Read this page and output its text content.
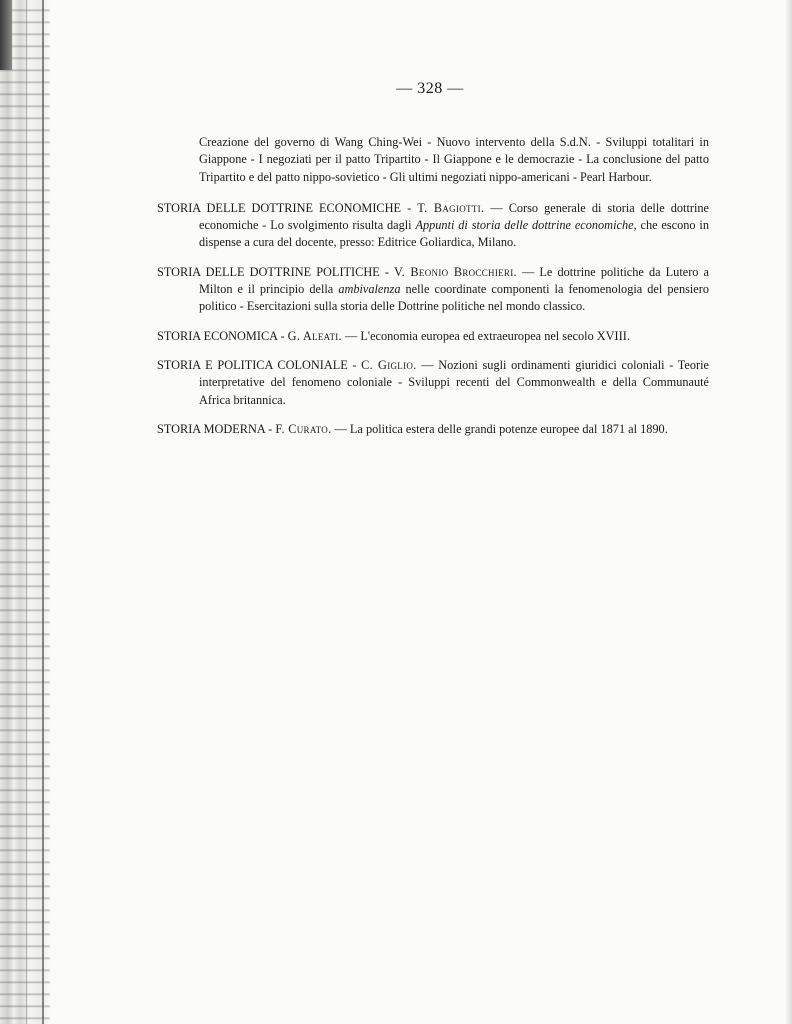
— 328 —

Creazione del governo di Wang Ching-Wei - Nuovo intervento della S.d.N. - Sviluppi totalitari in Giappone - I negoziati per il patto Tripartito - Il Giappone e le democrazie - La conclusione del patto Tripartito e del patto nippo-sovietico - Gli ultimi negoziati nippo-americani - Pearl Harbour.

STORIA DELLE DOTTRINE ECONOMICHE - T. Bagiotti. — Corso generale di storia delle dottrine economiche - Lo svolgimento risulta dagli Appunti di storia delle dottrine economiche, che escono in dispense a cura del docente, presso: Editrice Goliardica, Milano.

STORIA DELLE DOTTRINE POLITICHE - V. Beonio Brocchieri. — Le dottrine politiche da Lutero a Milton e il principio della ambivalenza nelle coordinate componenti la fenomenologia del pensiero politico - Esercitazioni sulla storia delle Dottrine politiche nel mondo classico.

STORIA ECONOMICA - G. Aleati. — L'economia europea ed extraeuropea nel secolo XVIII.

STORIA E POLITICA COLONIALE - C. Giglio. — Nozioni sugli ordinamenti giuridici coloniali - Teorie interpretative del fenomeno coloniale - Sviluppi recenti del Commonwealth e della Communauté Africa britannica.

STORIA MODERNA - F. Curato. — La politica estera delle grandi potenze europee dal 1871 al 1890.
